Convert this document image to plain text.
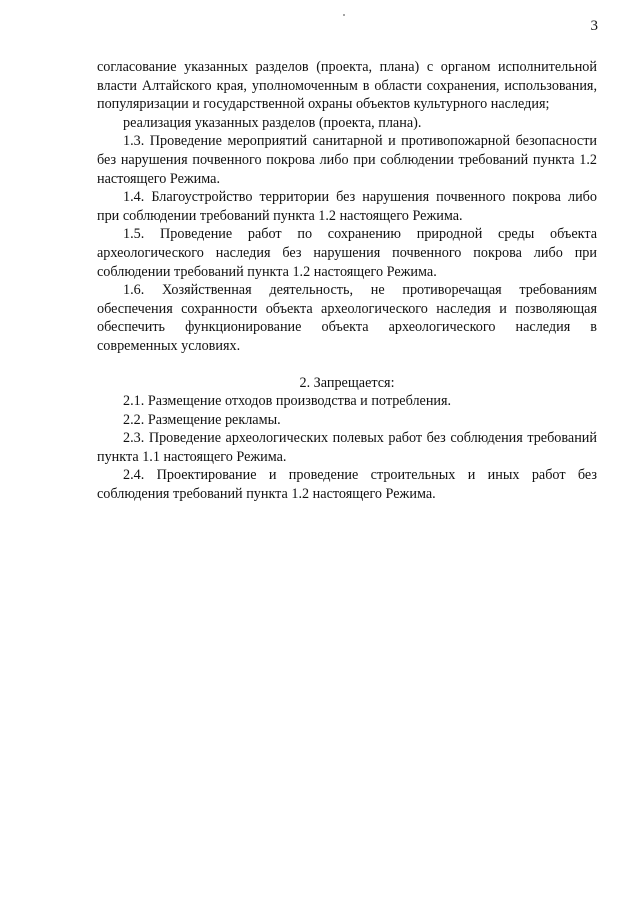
3

согласование указанных разделов (проекта, плана) с органом исполнительной власти Алтайского края, уполномоченным в области сохранения, использования, популяризации и государственной охраны объектов культурного наследия;

реализация указанных разделов (проекта, плана).

1.3. Проведение мероприятий санитарной и противопожарной безопасности без нарушения почвенного покрова либо при соблюдении требований пункта 1.2 настоящего Режима.

1.4. Благоустройство территории без нарушения почвенного покрова либо при соблюдении требований пункта 1.2 настоящего Режима.

1.5. Проведение работ по сохранению природной среды объекта археологического наследия без нарушения почвенного покрова либо при соблюдении требований пункта 1.2 настоящего Режима.

1.6. Хозяйственная деятельность, не противоречащая требованиям обеспечения сохранности объекта археологического наследия и позволяющая обеспечить функционирование объекта археологического наследия в современных условиях.

2. Запрещается:

2.1. Размещение отходов производства и потребления.

2.2. Размещение рекламы.

2.3. Проведение археологических полевых работ без соблюдения требований пункта 1.1 настоящего Режима.

2.4. Проектирование и проведение строительных и иных работ без соблюдения требований пункта 1.2 настоящего Режима.
